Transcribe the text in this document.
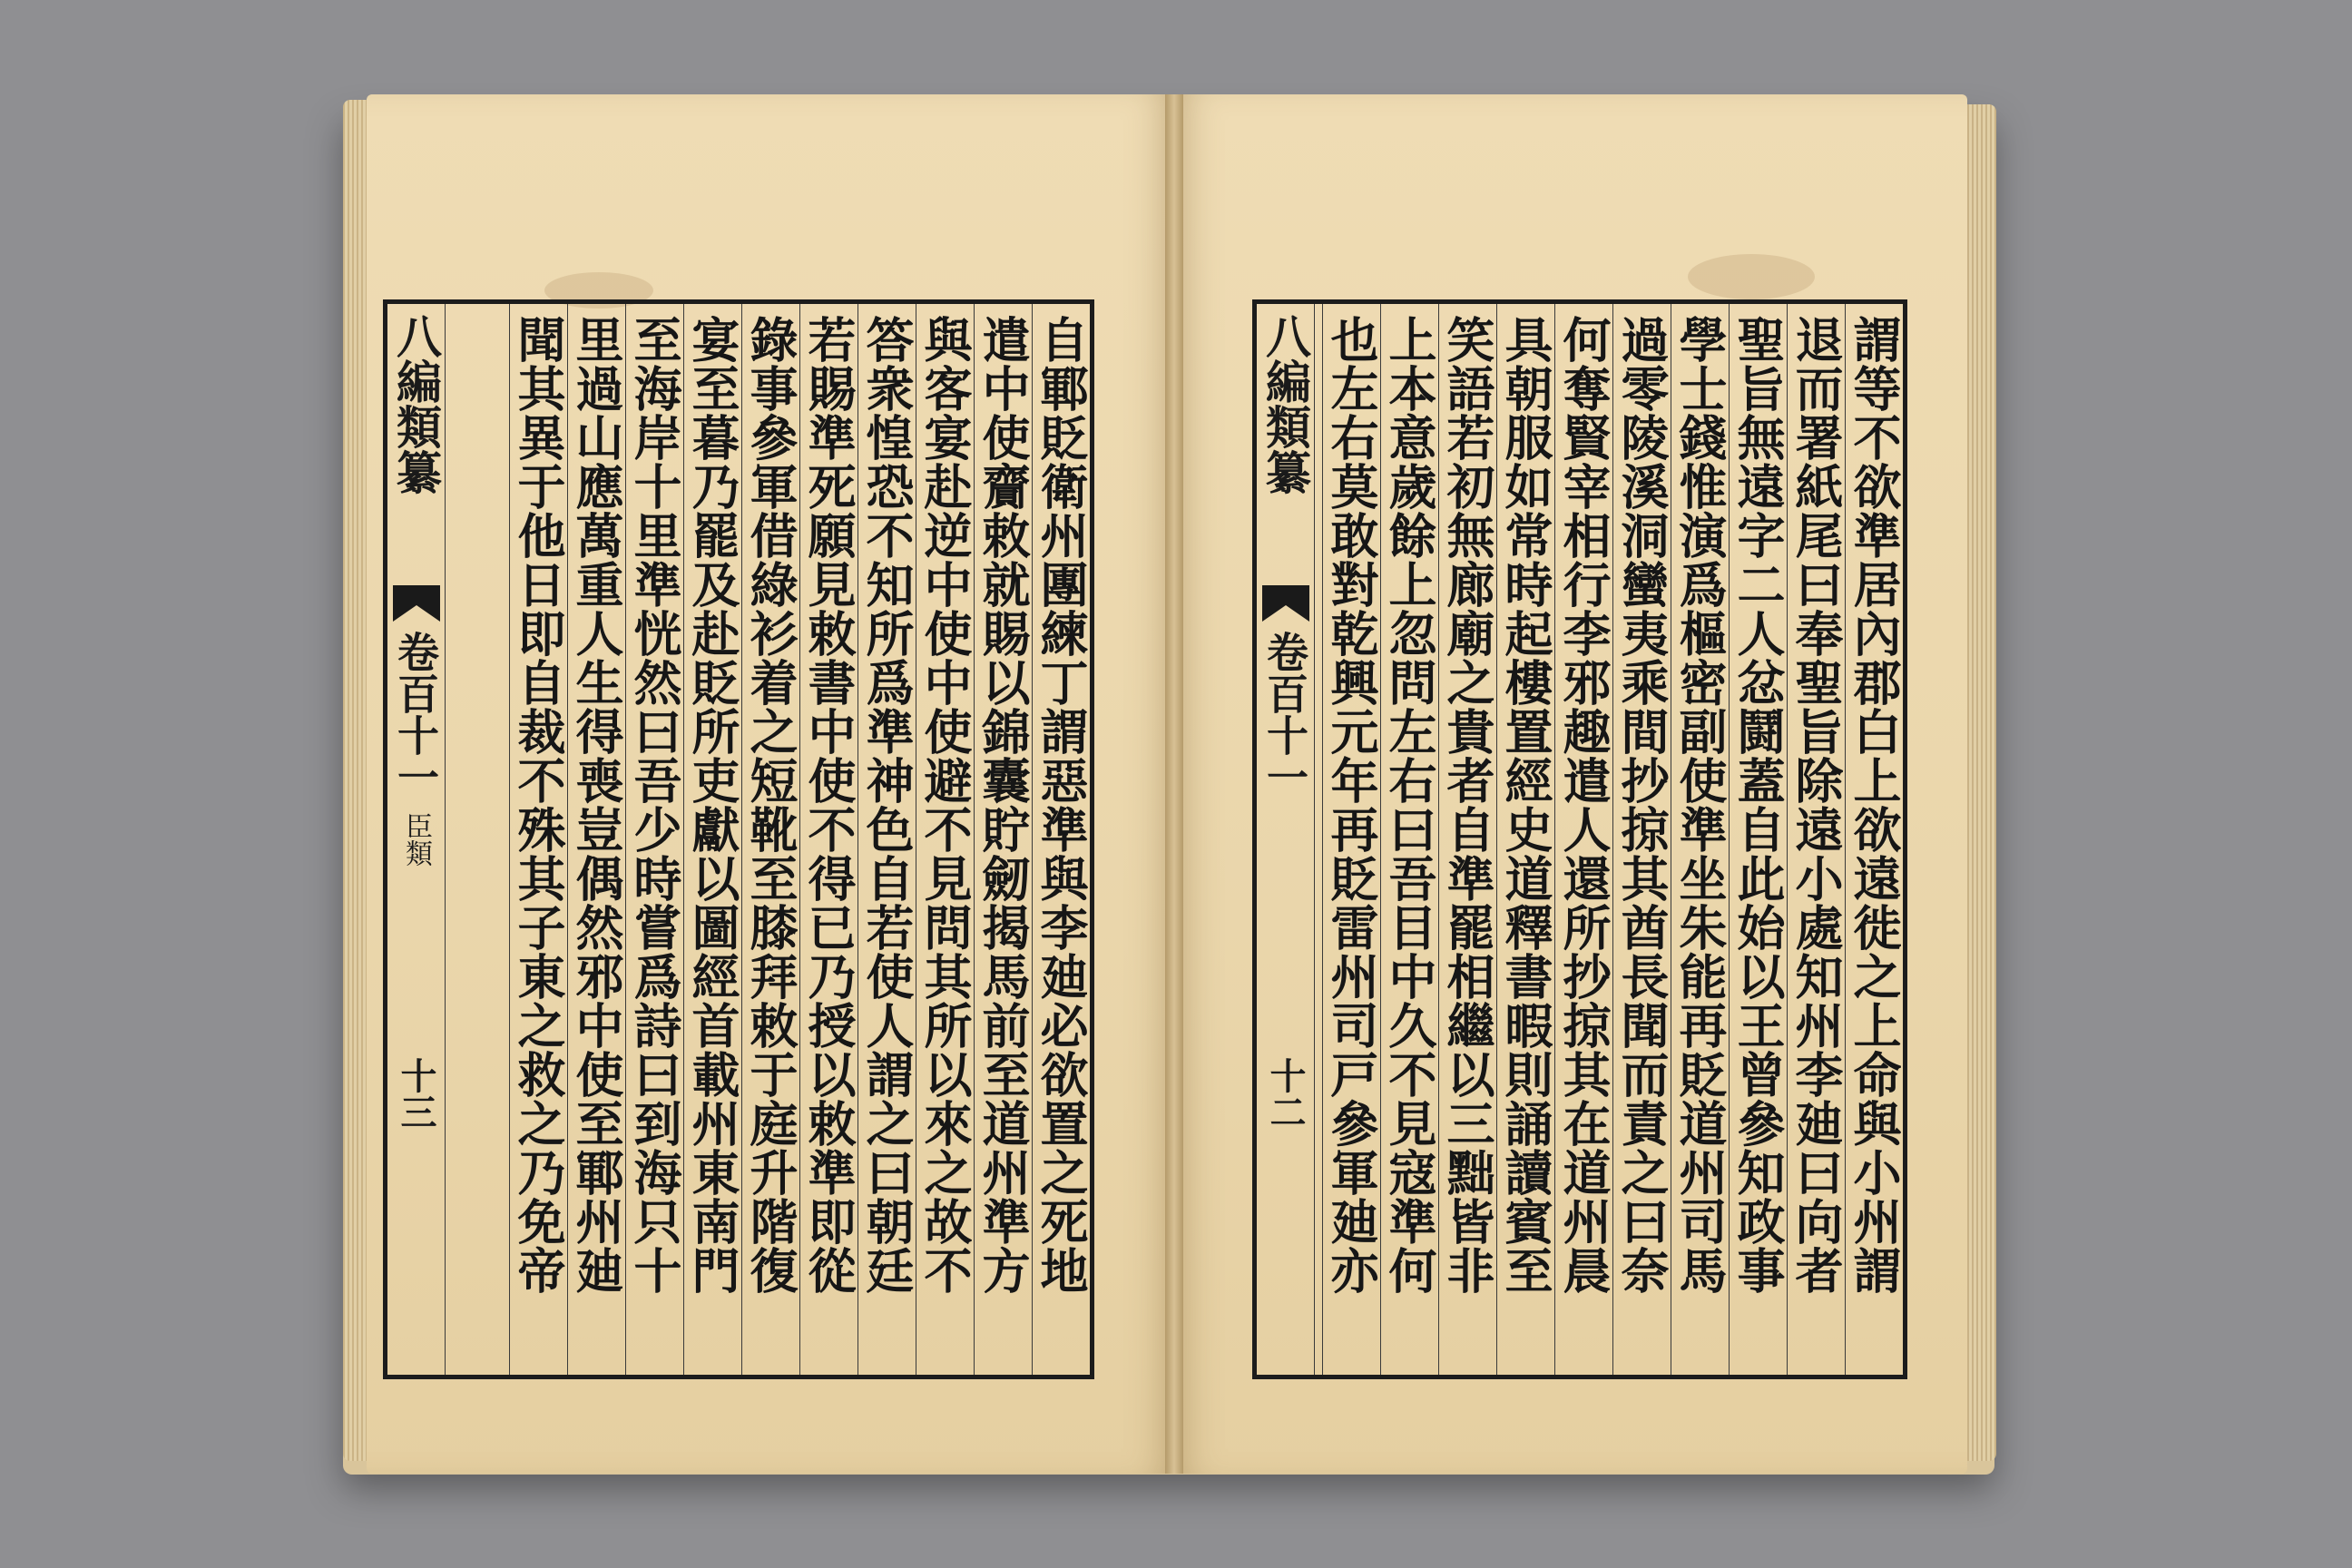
八編類纂
卷百十一
臣類
十三	自鄆貶衛州團練丁謂惡準與李廸必欲置之死地
遣中使齎敕就賜以錦囊貯劒揭馬前至道州準方
與客宴赴逆中使中使避不見問其所以來之故不
答衆惶恐不知所爲準神色自若使人謂之曰朝廷
若賜準死願見敕書中使不得已乃授以敕準即從
錄事參軍借綠衫着之短靴至膝拜敕于庭升階復
宴至暮乃罷及赴貶所吏獻以圖經首載州東南門
至海岸十里準恍然曰吾少時嘗爲詩曰到海只十
里過山應萬重人生得喪豈偶然邪中使至鄆州廸
聞其異于他日即自裁不殊其子東之救之乃免帝	八編類纂
卷百十一
十二	謂等不欲準居內郡白上欲遠徙之上命與小州謂
退而署紙尾曰奉聖旨除遠小處知州李廸曰向者
聖旨無遠字二人忿鬪蓋自此始以王曾參知政事
學士錢惟演爲樞密副使準坐朱能再貶道州司馬
過零陵溪洞蠻夷乘間抄掠其酋長聞而責之曰奈
何奪賢宰相行李邪趣遣人還所抄掠其在道州晨
具朝服如常時起樓置經史道釋書暇則誦讀賓至
笑語若初無廊廟之貴者自準罷相繼以三黜皆非
上本意歲餘上忽問左右曰吾目中久不見寇準何
也左右莫敢對乾興元年再貶雷州司戸參軍廸亦
